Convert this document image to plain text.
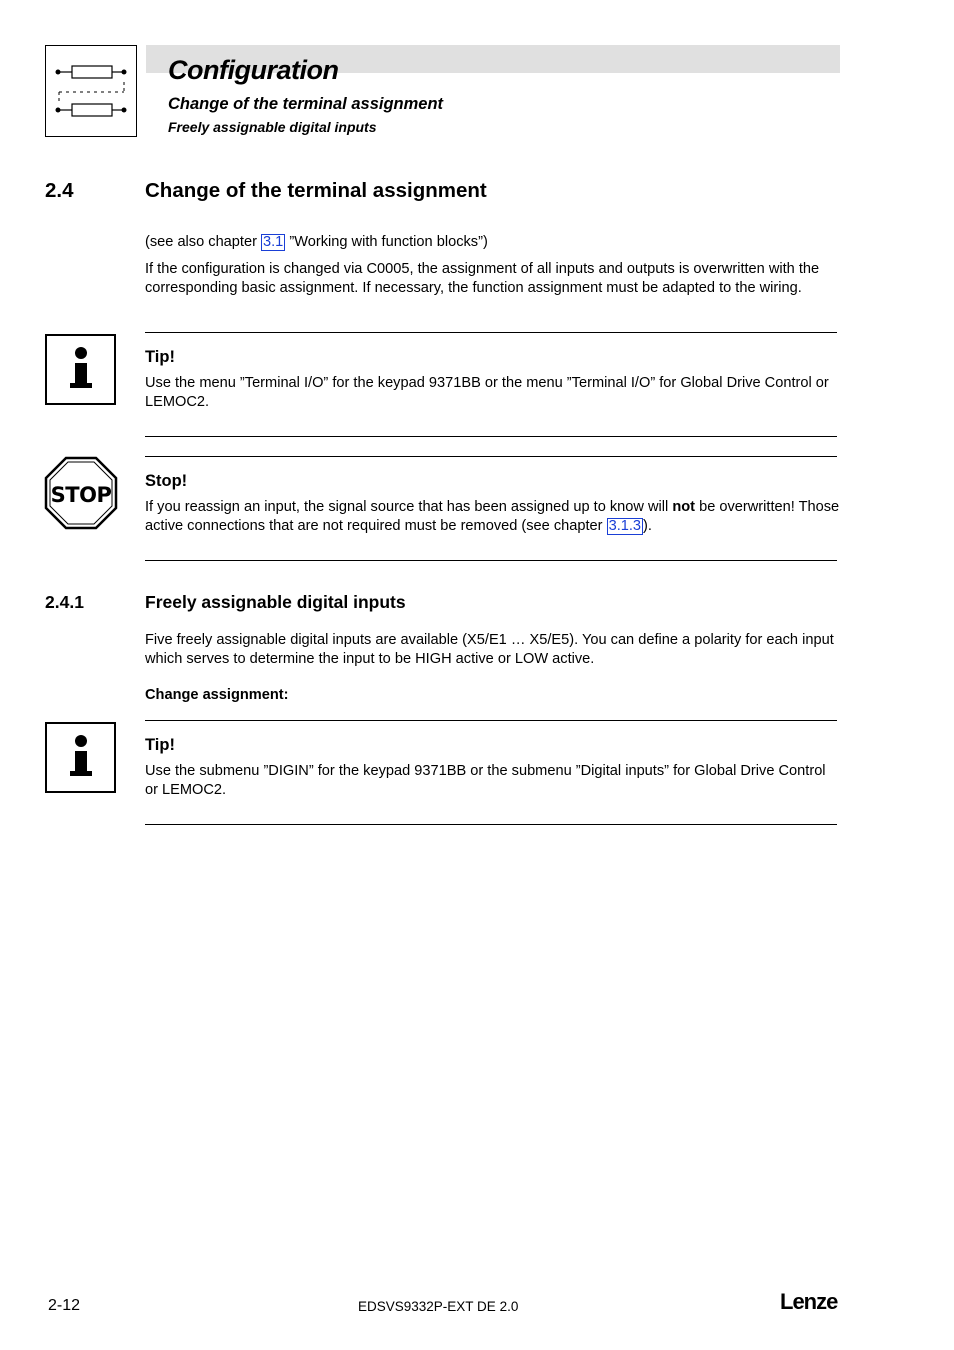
Configuration
Change of the terminal assignment
Freely assignable digital inputs
2.4	Change of the terminal assignment
(see also chapter 3.1 ”Working with function blocks”)
If the configuration is changed via C0005, the assignment of all inputs and outputs is overwritten with the corresponding basic assignment. If necessary, the function assignment must be adapted to the wiring.
Tip!
Use the menu ”Terminal I/O” for the keypad 9371BB or the menu ”Terminal I/O” for Global Drive Control or LEMOC2.
STOP
Stop!
If you reassign an input, the signal source that has been assigned up to know will not be overwritten! Those active connections that are not required must be removed (see chapter 3.1.3 ).
2.4.1	Freely assignable digital inputs
Five freely assignable digital inputs are available (X5/E1 … X5/E5). You can define a polarity for each input which serves to determine the input to be HIGH active or LOW active.
Change assignment:
Tip!
Use the submenu ”DIGIN” for the keypad 9371BB or the submenu ”Digital inputs” for Global Drive Control or LEMOC2.
2-12	EDSVS9332P-EXT DE 2.0	Lenze
